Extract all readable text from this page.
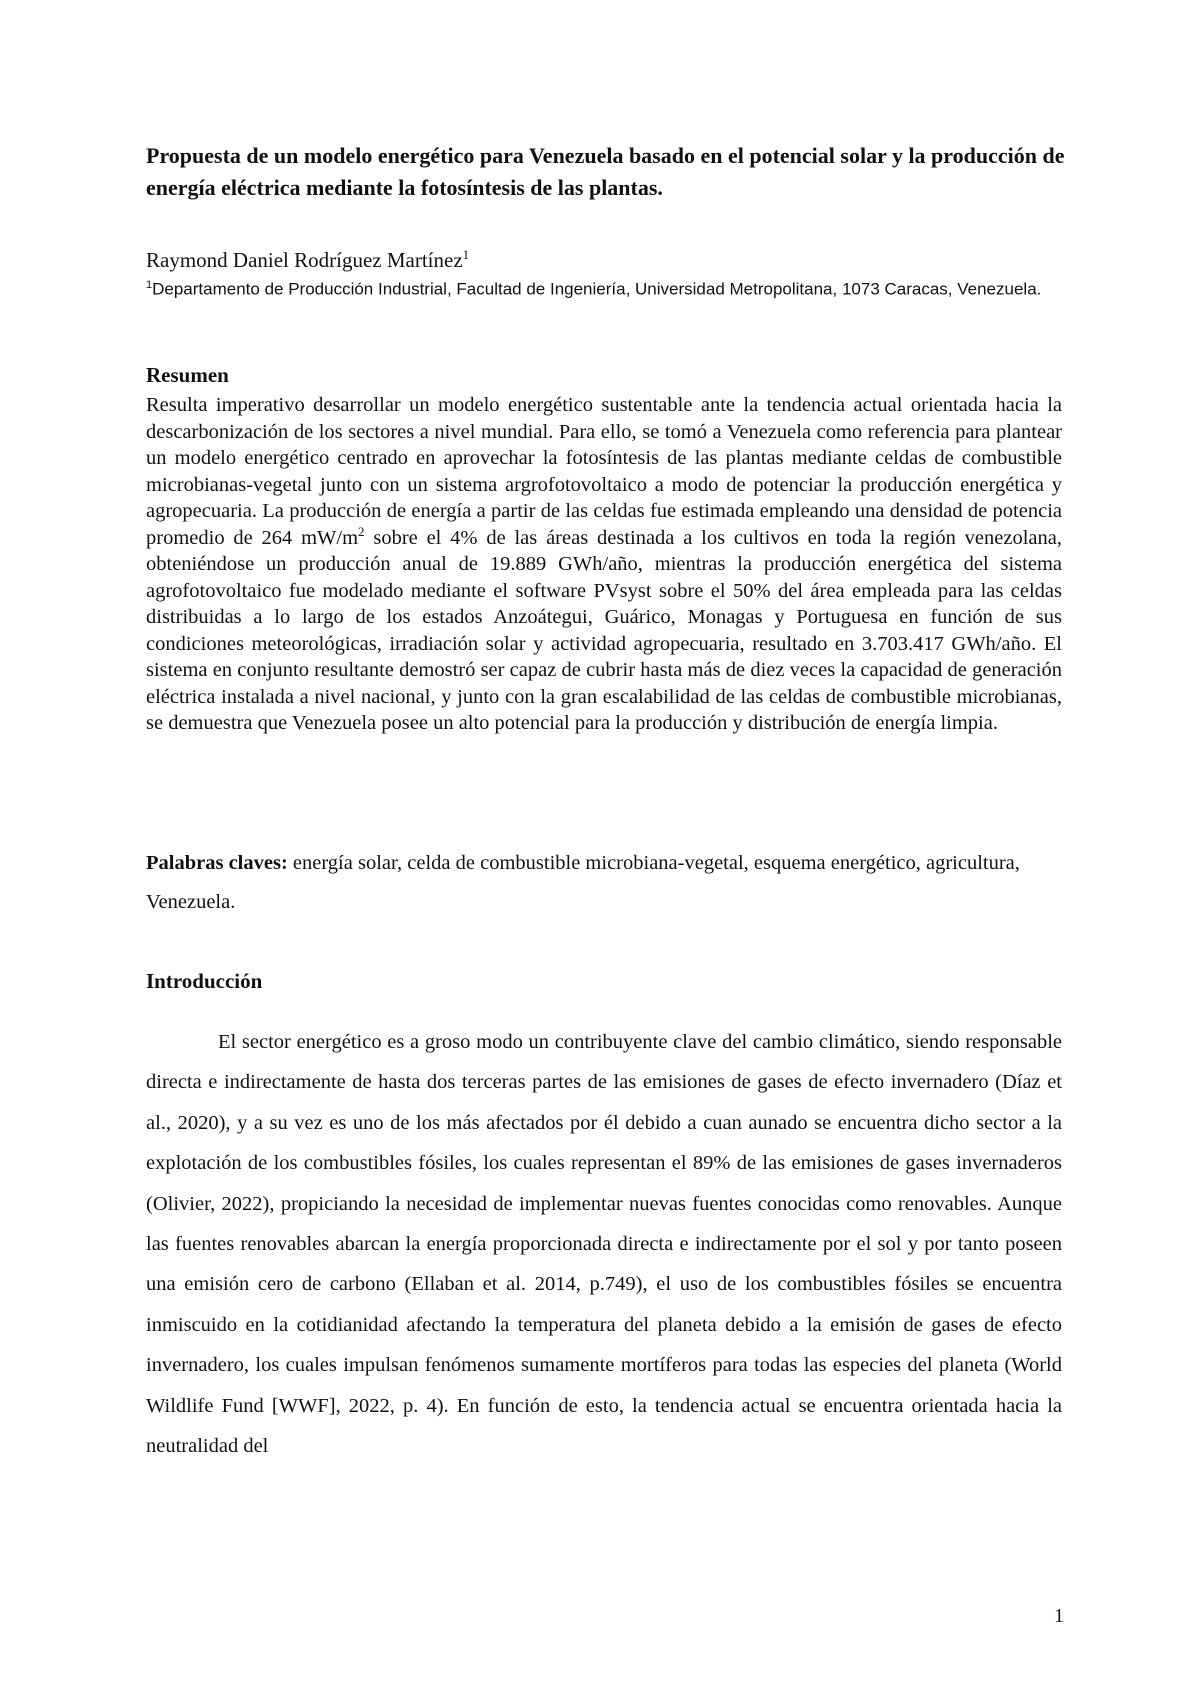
Propuesta de un modelo energético para Venezuela basado en el potencial solar y la producción de energía eléctrica mediante la fotosíntesis de las plantas.
Raymond Daniel Rodríguez Martínez$^1$
$^1$Departamento de Producción Industrial, Facultad de Ingeniería, Universidad Metropolitana, 1073 Caracas, Venezuela.
Resumen
Resulta imperativo desarrollar un modelo energético sustentable ante la tendencia actual orientada hacia la descarbonización de los sectores a nivel mundial. Para ello, se tomó a Venezuela como referencia para plantear un modelo energético centrado en aprovechar la fotosíntesis de las plantas mediante celdas de combustible microbianas-vegetal junto con un sistema argrofotovoltaico a modo de potenciar la producción energética y agropecuaria. La producción de energía a partir de las celdas fue estimada empleando una densidad de potencia promedio de 264 $mW/m^2$ sobre el 4% de las áreas destinada a los cultivos en toda la región venezolana, obteniéndose un producción anual de 19.889 GWh/año, mientras la producción energética del sistema agrofotovoltaico fue modelado mediante el software PVsyst sobre el 50% del área empleada para las celdas distribuidas a lo largo de los estados Anzoátegui, Guárico, Monagas y Portuguesa en función de sus condiciones meteorológicas, irradiación solar y actividad agropecuaria, resultado en 3.703.417 GWh/año. El sistema en conjunto resultante demostró ser capaz de cubrir hasta más de diez veces la capacidad de generación eléctrica instalada a nivel nacional, y junto con la gran escalabilidad de las celdas de combustible microbianas, se demuestra que Venezuela posee un alto potencial para la producción y distribución de energía limpia.
Palabras claves: energía solar, celda de combustible microbiana-vegetal, esquema energético, agricultura, Venezuela.
Introducción
El sector energético es a groso modo un contribuyente clave del cambio climático, siendo responsable directa e indirectamente de hasta dos terceras partes de las emisiones de gases de efecto invernadero (Díaz et al., 2020), y a su vez es uno de los más afectados por él debido a cuan aunado se encuentra dicho sector a la explotación de los combustibles fósiles, los cuales representan el 89% de las emisiones de gases invernaderos (Olivier, 2022), propiciando la necesidad de implementar nuevas fuentes conocidas como renovables. Aunque las fuentes renovables abarcan la energía proporcionada directa e indirectamente por el sol y por tanto poseen una emisión cero de carbono (Ellaban et al. 2014, p.749), el uso de los combustibles fósiles se encuentra inmiscuido en la cotidianidad afectando la temperatura del planeta debido a la emisión de gases de efecto invernadero, los cuales impulsan fenómenos sumamente mortíferos para todas las especies del planeta (World Wildlife Fund [WWF], 2022, p. 4). En función de esto, la tendencia actual se encuentra orientada hacia la neutralidad del
1
